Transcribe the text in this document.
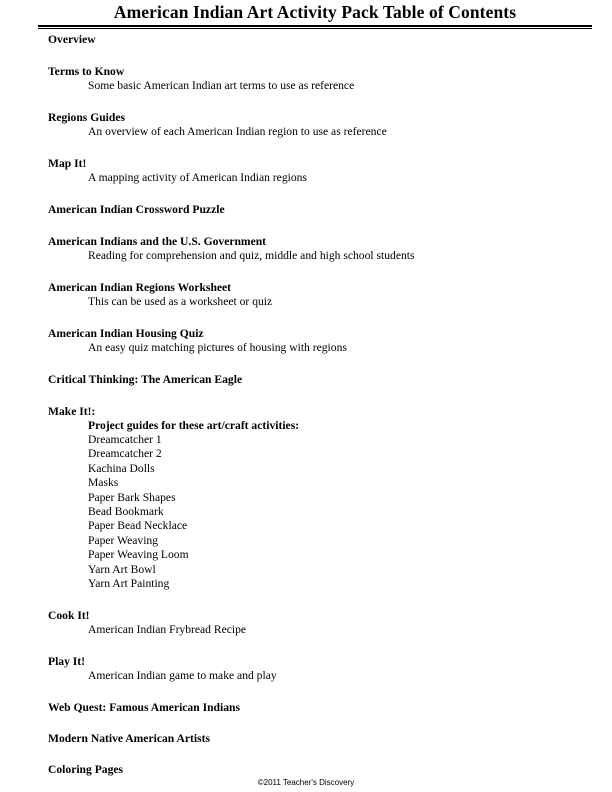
American Indian Art Activity Pack Table of Contents
Overview
Terms to Know
Some basic American Indian art terms to use as reference
Regions Guides
An overview of each American Indian region to use as reference
Map It!
A mapping activity of American Indian regions
American Indian Crossword Puzzle
American Indians and the U.S. Government
Reading for comprehension and quiz, middle and high school students
American Indian Regions Worksheet
This can be used as a worksheet or quiz
American Indian Housing Quiz
An easy quiz matching pictures of housing with regions
Critical Thinking: The American Eagle
Make It!:
Project guides for these art/craft activities:
Dreamcatcher 1
Dreamcatcher 2
Kachina Dolls
Masks
Paper Bark Shapes
Bead Bookmark
Paper Bead Necklace
Paper Weaving
Paper Weaving Loom
Yarn Art Bowl
Yarn Art Painting
Cook It!
American Indian Frybread Recipe
Play It!
American Indian game to make and play
Web Quest: Famous American Indians
Modern Native American Artists
Coloring Pages
©2011 Teacher's Discovery
